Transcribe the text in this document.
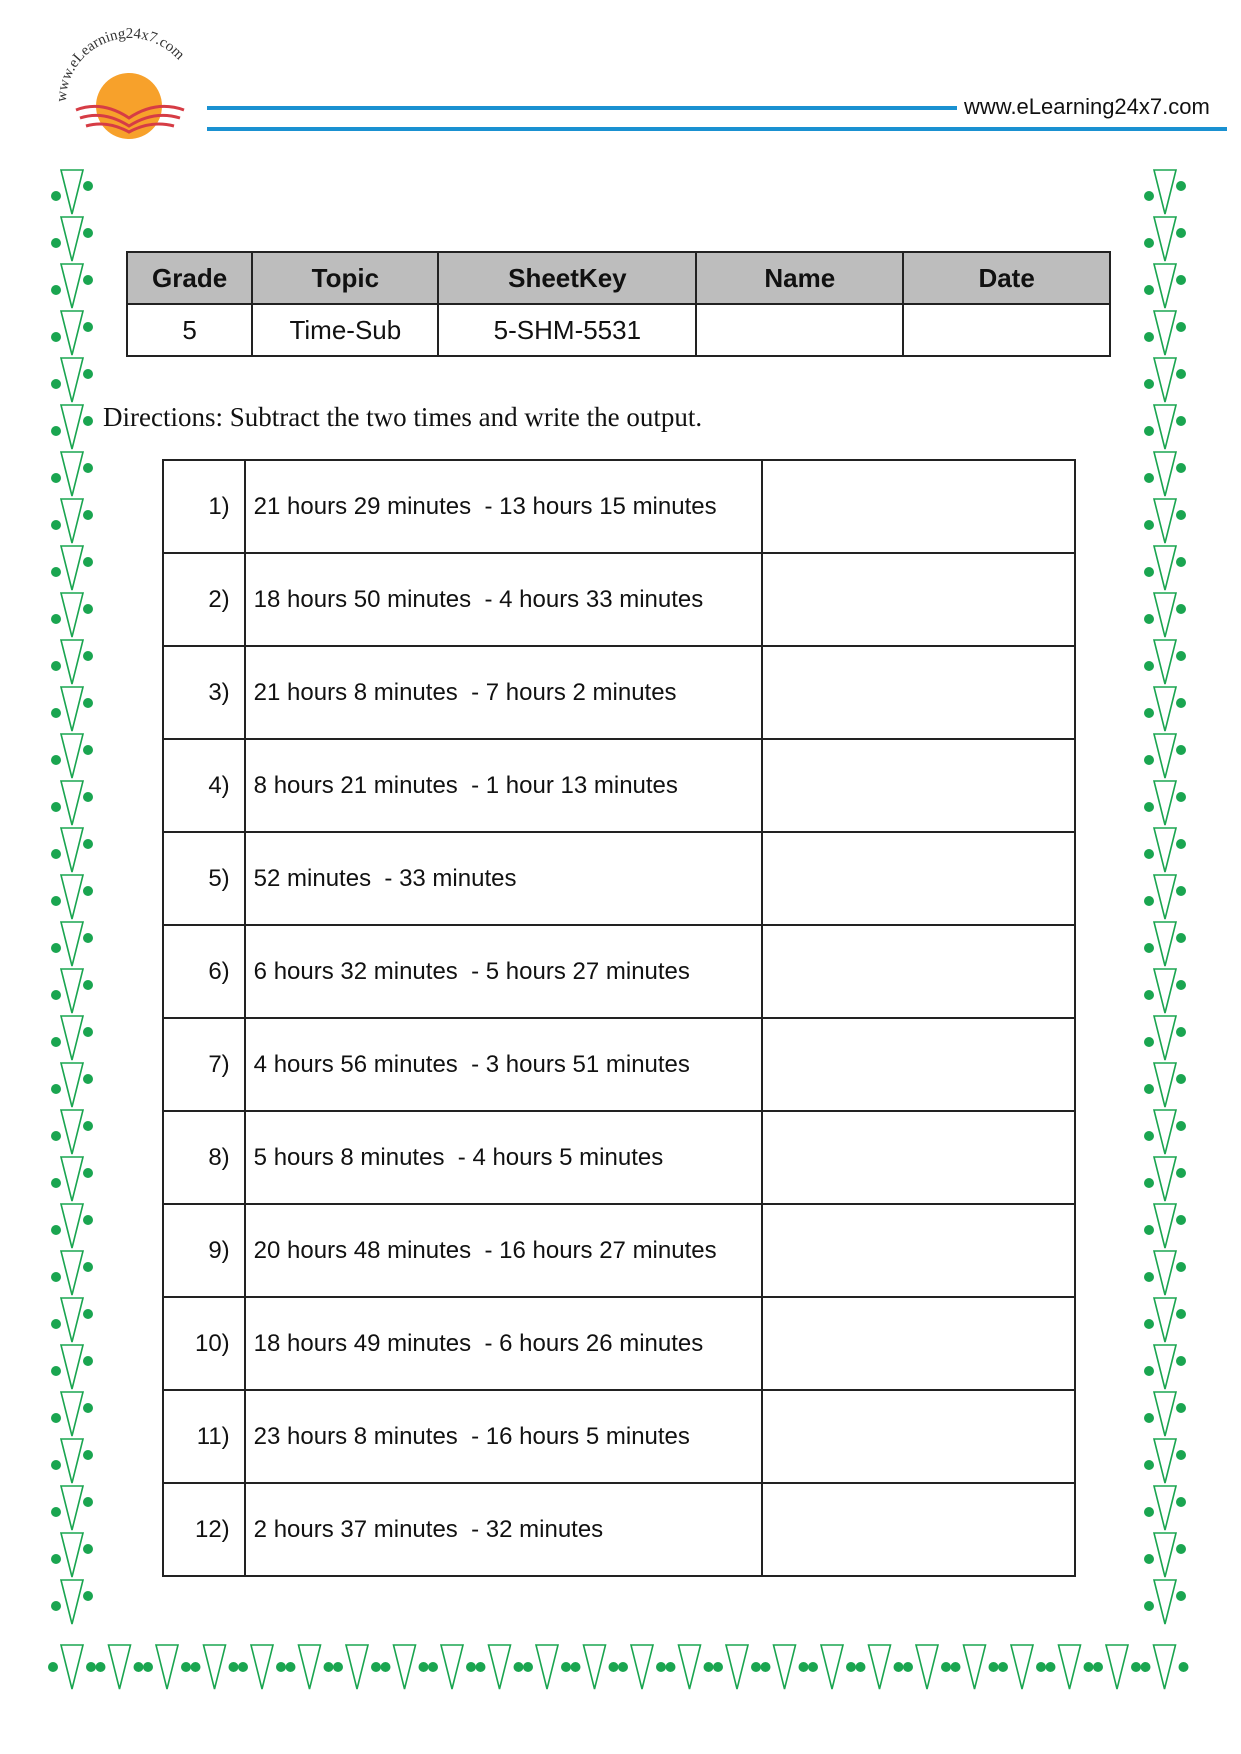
www.eLearning24x7.com
www.eLearning24x7.com
Grade	Topic	SheetKey	Name	Date
5	Time-Sub	5-SHM-5531		
Directions: Subtract the two times and write the output.
1)	21 hours 29 minutes  - 13 hours 15 minutes	
2)	18 hours 50 minutes  - 4 hours 33 minutes	
3)	21 hours 8 minutes  - 7 hours 2 minutes	
4)	8 hours 21 minutes  - 1 hour 13 minutes	
5)	52 minutes  - 33 minutes	
6)	6 hours 32 minutes  - 5 hours 27 minutes	
7)	4 hours 56 minutes  - 3 hours 51 minutes	
8)	5 hours 8 minutes  - 4 hours 5 minutes	
9)	20 hours 48 minutes  - 16 hours 27 minutes	
10)	18 hours 49 minutes  - 6 hours 26 minutes	
11)	23 hours 8 minutes  - 16 hours 5 minutes	
12)	2 hours 37 minutes  - 32 minutes	
